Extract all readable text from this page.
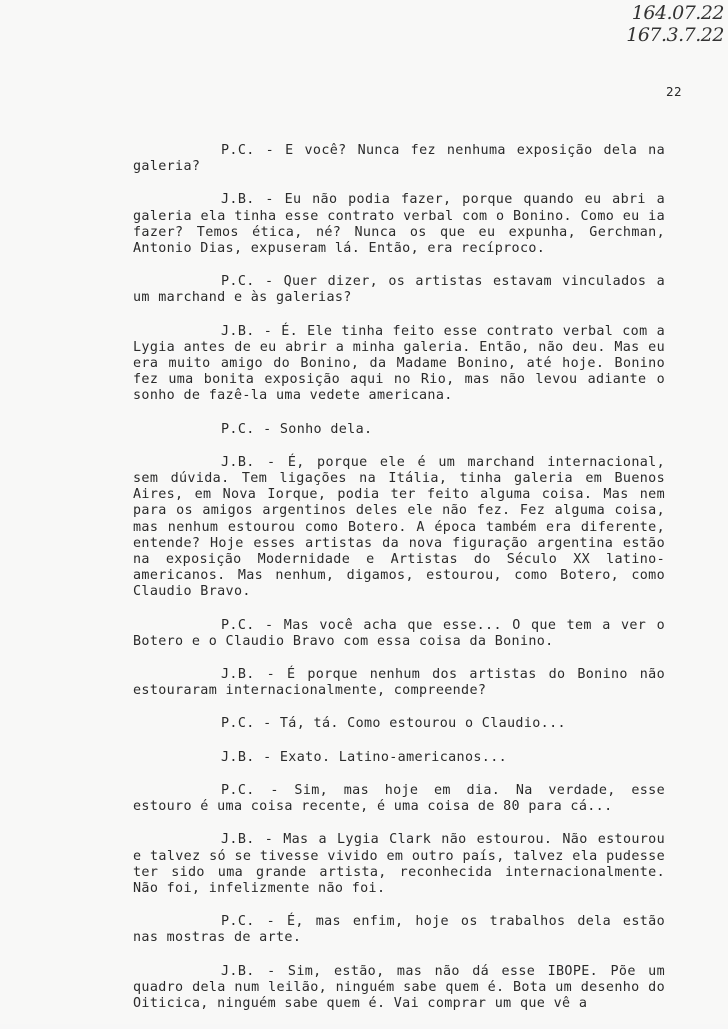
164.07.22
167.3.7.22
22

P.C. - E você? Nunca fez nenhuma exposição dela na galeria?

J.B. - Eu não podia fazer, porque quando eu abri a galeria ela tinha esse contrato verbal com o Bonino. Como eu ia fazer? Temos ética, né? Nunca os que eu expunha, Gerchman, Antonio Dias, expuseram lá. Então, era recíproco.

P.C. - Quer dizer, os artistas estavam vinculados a um marchand e às galerias?

J.B. - É. Ele tinha feito esse contrato verbal com a Lygia antes de eu abrir a minha galeria. Então, não deu. Mas eu era muito amigo do Bonino, da Madame Bonino, até hoje. Bonino fez uma bonita exposição aqui no Rio, mas não levou adiante o sonho de fazê-la uma vedete americana.

P.C. - Sonho dela.

J.B. - É, porque ele é um marchand internacional, sem dúvida. Tem ligações na Itália, tinha galeria em Buenos Aires, em Nova Iorque, podia ter feito alguma coisa. Mas nem para os amigos argentinos deles ele não fez. Fez alguma coisa, mas nenhum estourou como Botero. A época também era diferente, entende? Hoje esses artistas da nova figuração argentina estão na exposição Modernidade e Artistas do Século XX latino-americanos. Mas nenhum, digamos, estourou, como Botero, como Claudio Bravo.

P.C. - Mas você acha que esse... O que tem a ver o Botero e o Claudio Bravo com essa coisa da Bonino.

J.B. - É porque nenhum dos artistas do Bonino não estouraram internacionalmente, compreende?

P.C. - Tá, tá. Como estourou o Claudio...

J.B. - Exato. Latino-americanos...

P.C. - Sim, mas hoje em dia. Na verdade, esse estouro é uma coisa recente, é uma coisa de 80 para cá...

J.B. - Mas a Lygia Clark não estourou. Não estourou e talvez só se tivesse vivido em outro país, talvez ela pudesse ter sido uma grande artista, reconhecida internacionalmente. Não foi, infelizmente não foi.

P.C. - É, mas enfim, hoje os trabalhos dela estão nas mostras de arte.

J.B. - Sim, estão, mas não dá esse IBOPE. Põe um quadro dela num leilão, ninguém sabe quem é. Bota um desenho do Oiticica, ninguém sabe quem é. Vai comprar um que vê a
